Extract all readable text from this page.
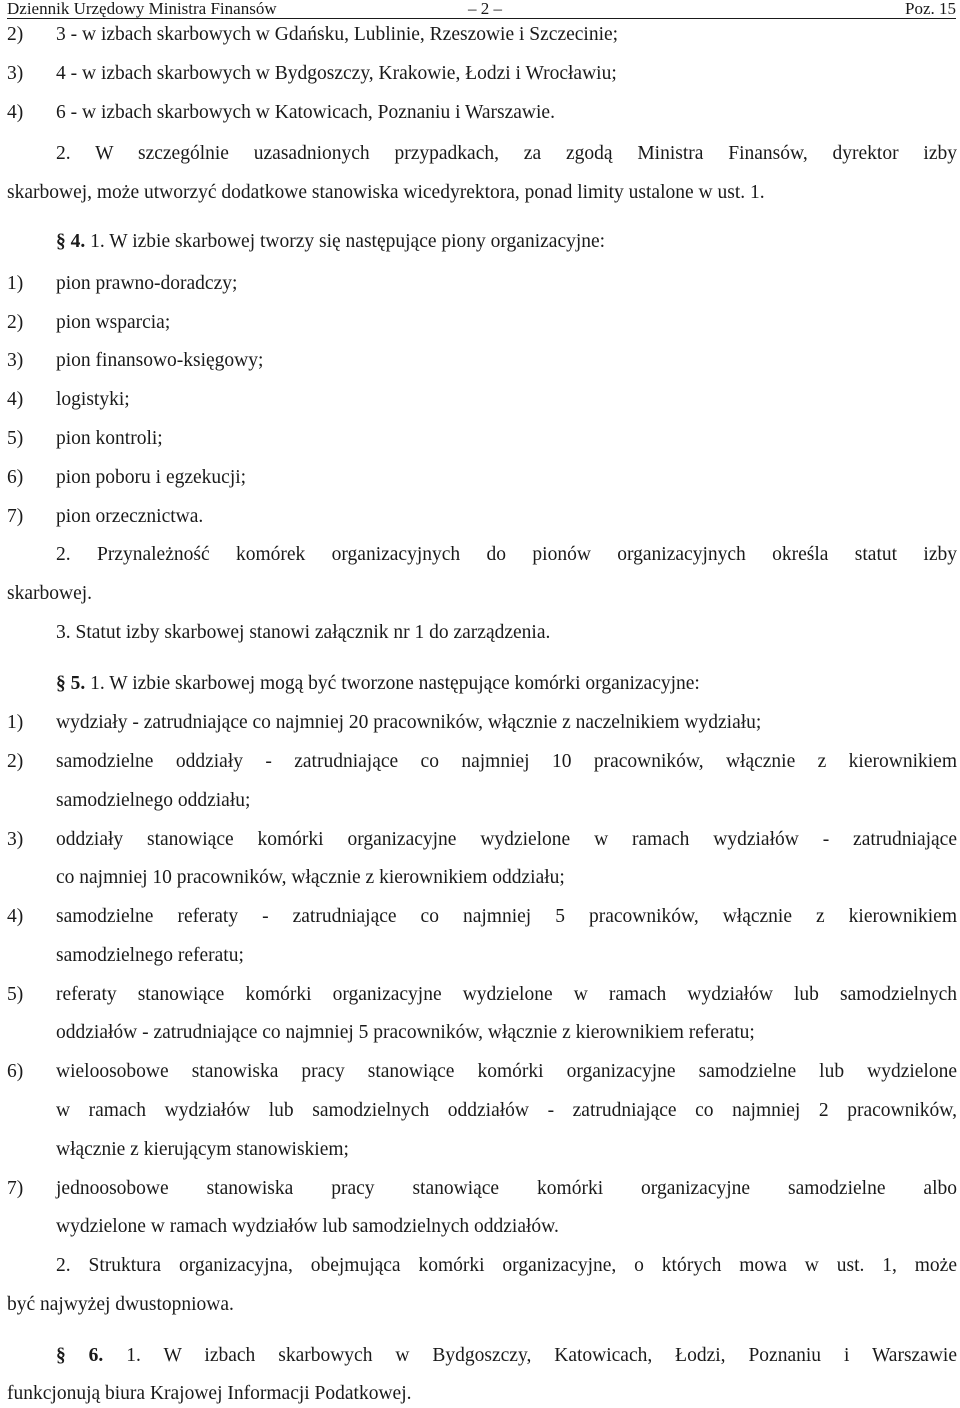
Dziennik Urzędowy Ministra Finansów	– 2 –	Poz. 15
2) 3 - w izbach skarbowych w Gdańsku, Lublinie, Rzeszowie i Szczecinie;
3) 4 - w izbach skarbowych w Bydgoszczy, Krakowie, Łodzi i Wrocławiu;
4) 6 - w izbach skarbowych w Katowicach, Poznaniu i Warszawie.
2. W szczególnie uzasadnionych przypadkach, za zgodą Ministra Finansów, dyrektor izby
skarbowej, może utworzyć dodatkowe stanowiska wicedyrektora, ponad limity ustalone w ust. 1.
§ 4. 1. W izbie skarbowej tworzy się następujące piony organizacyjne:
1) pion prawno-doradczy;
2) pion wsparcia;
3) pion finansowo-księgowy;
4) logistyki;
5) pion kontroli;
6) pion poboru i egzekucji;
7) pion orzecznictwa.
2. Przynależność komórek organizacyjnych do pionów organizacyjnych określa statut izby
skarbowej.
3. Statut izby skarbowej stanowi załącznik nr 1 do zarządzenia.
§ 5. 1. W izbie skarbowej mogą być tworzone następujące komórki organizacyjne:
1) wydziały - zatrudniające co najmniej 20 pracowników, włącznie z naczelnikiem wydziału;
2) samodzielne oddziały - zatrudniające co najmniej 10 pracowników, włącznie z kierownikiem
samodzielnego oddziału;
3) oddziały stanowiące komórki organizacyjne wydzielone w ramach wydziałów - zatrudniające
co najmniej 10 pracowników, włącznie z kierownikiem oddziału;
4) samodzielne referaty - zatrudniające co najmniej 5 pracowników, włącznie z kierownikiem
samodzielnego referatu;
5) referaty stanowiące komórki organizacyjne wydzielone w ramach wydziałów lub samodzielnych
oddziałów - zatrudniające co najmniej 5 pracowników, włącznie z kierownikiem referatu;
6) wieloosobowe stanowiska pracy stanowiące komórki organizacyjne samodzielne lub wydzielone
w ramach wydziałów lub samodzielnych oddziałów - zatrudniające co najmniej 2 pracowników,
włącznie z kierującym stanowiskiem;
7) jednoosobowe stanowiska pracy stanowiące komórki organizacyjne samodzielne albo
wydzielone w ramach wydziałów lub samodzielnych oddziałów.
2. Struktura organizacyjna, obejmująca komórki organizacyjne, o których mowa w ust. 1, może
być najwyżej dwustopniowa.
§ 6. 1. W izbach skarbowych w Bydgoszczy, Katowicach, Łodzi, Poznaniu i Warszawie
funkcjonują biura Krajowej Informacji Podatkowej.
